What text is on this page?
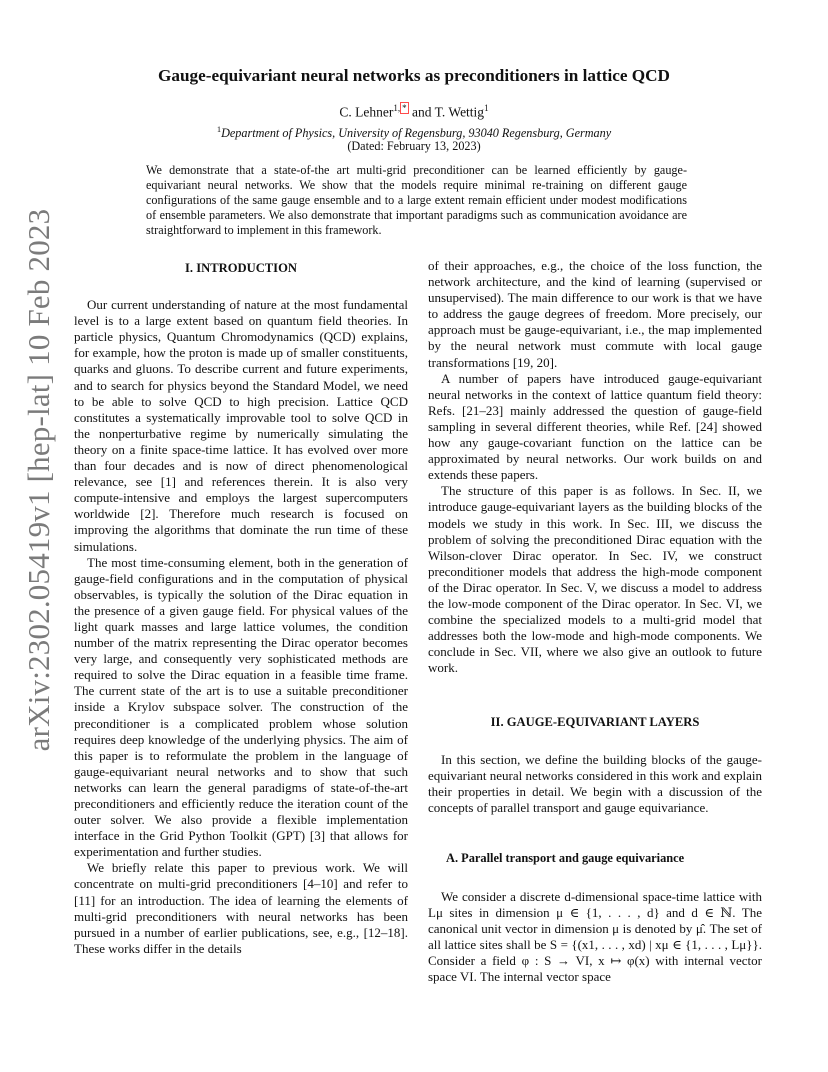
arXiv:2302.05419v1 [hep-lat] 10 Feb 2023
Gauge-equivariant neural networks as preconditioners in lattice QCD
C. Lehner$^{1,}$ * and T. Wettig$^1$
$^1$Department of Physics, University of Regensburg, 93040 Regensburg, Germany
(Dated: February 13, 2023)
We demonstrate that a state-of-the art multi-grid preconditioner can be learned efficiently by gauge-equivariant neural networks. We show that the models require minimal re-training on different gauge configurations of the same gauge ensemble and to a large extent remain efficient under modest modifications of ensemble parameters. We also demonstrate that important paradigms such as communication avoidance are straightforward to implement in this framework.
I. INTRODUCTION

Our current understanding of nature at the most fundamental level is to a large extent based on quantum field theories. In particle physics, Quantum Chromodynamics (QCD) explains, for example, how the proton is made up of smaller constituents, quarks and gluons. To describe current and future experiments, and to search for physics beyond the Standard Model, we need to be able to solve QCD to high precision. Lattice QCD constitutes a systematically improvable tool to solve QCD in the nonperturbative regime by numerically simulating the theory on a finite space-time lattice. It has evolved over more than four decades and is now of direct phenomenological relevance, see [1] and references therein. It is also very compute-intensive and employs the largest supercomputers worldwide [2]. Therefore much research is focused on improving the algorithms that dominate the run time of these simulations.

The most time-consuming element, both in the generation of gauge-field configurations and in the computation of physical observables, is typically the solution of the Dirac equation in the presence of a given gauge field. For physical values of the light quark masses and large lattice volumes, the condition number of the matrix representing the Dirac operator becomes very large, and consequently very sophisticated methods are required to solve the Dirac equation in a feasible time frame. The current state of the art is to use a suitable preconditioner inside a Krylov subspace solver. The construction of the preconditioner is a complicated problem whose solution requires deep knowledge of the underlying physics. The aim of this paper is to reformulate the problem in the language of gauge-equivariant neural networks and to show that such networks can learn the general paradigms of state-of-the-art preconditioners and efficiently reduce the iteration count of the outer solver. We also provide a flexible implementation interface in the Grid Python Toolkit (GPT) [3] that allows for experimentation and further studies.

We briefly relate this paper to previous work. We will concentrate on multi-grid preconditioners [4–10] and refer to [11] for an introduction. The idea of learning the elements of multi-grid preconditioners with neural networks has been pursued in a number of earlier publications, see, e.g., [12–18]. These works differ in the details

of their approaches, e.g., the choice of the loss function, the network architecture, and the kind of learning (supervised or unsupervised). The main difference to our work is that we have to address the gauge degrees of freedom. More precisely, our approach must be gauge-equivariant, i.e., the map implemented by the neural network must commute with local gauge transformations [19, 20].

A number of papers have introduced gauge-equivariant neural networks in the context of lattice quantum field theory: Refs. [21–23] mainly addressed the question of gauge-field sampling in several different theories, while Ref. [24] showed how any gauge-covariant function on the lattice can be approximated by neural networks. Our work builds on and extends these papers.

The structure of this paper is as follows. In Sec. II, we introduce gauge-equivariant layers as the building blocks of the models we study in this work. In Sec. III, we discuss the problem of solving the preconditioned Dirac equation with the Wilson-clover Dirac operator. In Sec. IV, we construct preconditioner models that address the high-mode component of the Dirac operator. In Sec. V, we discuss a model to address the low-mode component of the Dirac operator. In Sec. VI, we combine the specialized models to a multi-grid model that addresses both the low-mode and high-mode components. We conclude in Sec. VII, where we also give an outlook to future work.

II. GAUGE-EQUIVARIANT LAYERS

In this section, we define the building blocks of the gauge-equivariant neural networks considered in this work and explain their properties in detail. We begin with a discussion of the concepts of parallel transport and gauge equivariance.

A. Parallel transport and gauge equivariance

We consider a discrete d-dimensional space-time lattice with Lμ sites in dimension μ ∈ {1, . . . , d} and d ∈ ℕ. The canonical unit vector in dimension μ is denoted by μ̂. The set of all lattice sites shall be S = {(x1, . . . , xd) | xμ ∈ {1, . . . , Lμ}}. Consider a field φ : S → VI, x ↦ φ(x) with internal vector space VI. The internal vector space
